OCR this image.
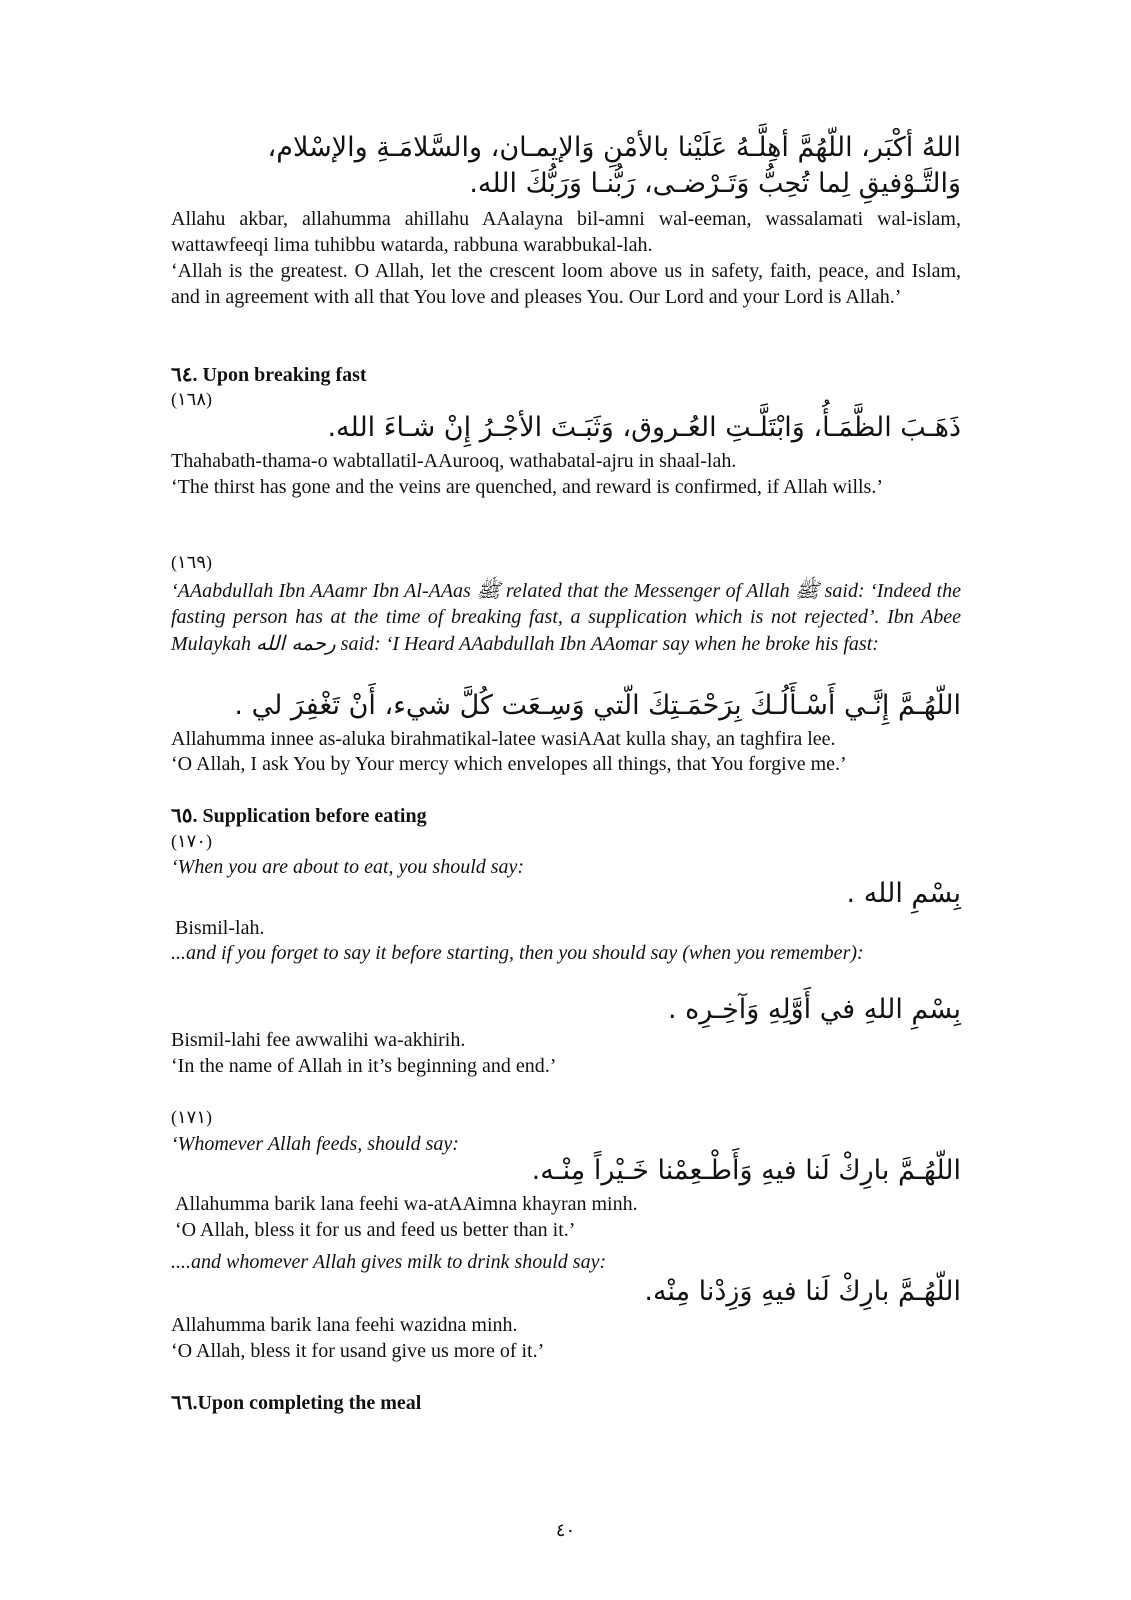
اللهُ أكْبَر، اللّهُمَّ أهِلَّـهُ عَلَيْنا بالأمْنِ وَالإيمـان، والسَّلامَـةِ والإسْلام، وَالتَّـوْفيقِ لِما تُحِبُّ وَتَـرْضـى، رَبُّنـا وَرَبُّكَ الله.
Allahu akbar, allahumma ahillahu AAalayna bil-amni wal-eeman, wassalamati wal-islam, wattawfeeqi lima tuhibbu watarda, rabbuna warabbukal-lah.
‘Allah is the greatest. O Allah, let the crescent loom above us in safety, faith, peace, and Islam, and in agreement with all that You love and pleases You. Our Lord and your Lord is Allah.’
٦٤. Upon breaking fast
(١٦٨)
ذَهَـبَ الظَّمَـأُ، وَابْتَلَّـتِ العُـروق، وَثَبَـتَ الأجْـرُ إِنْ شـاءَ الله.
Thahabath-thama-o wabtallatil-AAurooq, wathabatal-ajru in shaal-lah.
‘The thirst has gone and the veins are quenched, and reward is confirmed, if Allah wills.’
(١٦٩)
‘AAabdullah Ibn AAamr Ibn Al-AAas ﷺ related that the Messenger of Allah ﷺ said: ‘Indeed the fasting person has at the time of breaking fast, a supplication which is not rejected’. Ibn Abee Mulaykah رحمه الله said: ‘I Heard AAabdullah Ibn AAomar say when he broke his fast:
اللّهُـمَّ إِنَّـي أَسْـأَلُـكَ بِرَحْمَـتِكَ الّتي وَسِـعَت كُلَّ شيء، أَنْ تَغْفِرَ لي .
Allahumma innee as-aluka birahmatikal-latee wasiAAat kulla shay, an taghfira lee.
‘O Allah, I ask You by Your mercy which envelopes all things, that You forgive me.’
٦٥. Supplication before eating
(١٧٠)
‘When you are about to eat, you should say:
بِسْمِ الله .
Bismil-lah.
...and if you forget to say it before starting, then you should say (when you remember):
بِسْمِ اللهِ في أَوَّلِهِ وَآخِـرِه .
Bismil-lahi fee awwalihi wa-akhirih.
‘In the name of Allah in it’s beginning and end.’
(١٧١)
‘Whomever Allah feeds, should say:
اللّهُـمَّ بارِكْ لَنا فيهِ وَأَطْـعِمْنا خَـيْراً مِنْـه.
Allahumma barik lana feehi wa-atAAimna khayran minh.
‘O Allah, bless it for us and feed us better than it.’
....and whomever Allah gives milk to drink should say:
اللّهُـمَّ بارِكْ لَنا فيهِ وَزِدْنا مِنْه.
Allahumma barik lana feehi wazidna minh.
‘O Allah, bless it for usand give us more of it.’
٦٦.Upon completing the meal
٤٠
